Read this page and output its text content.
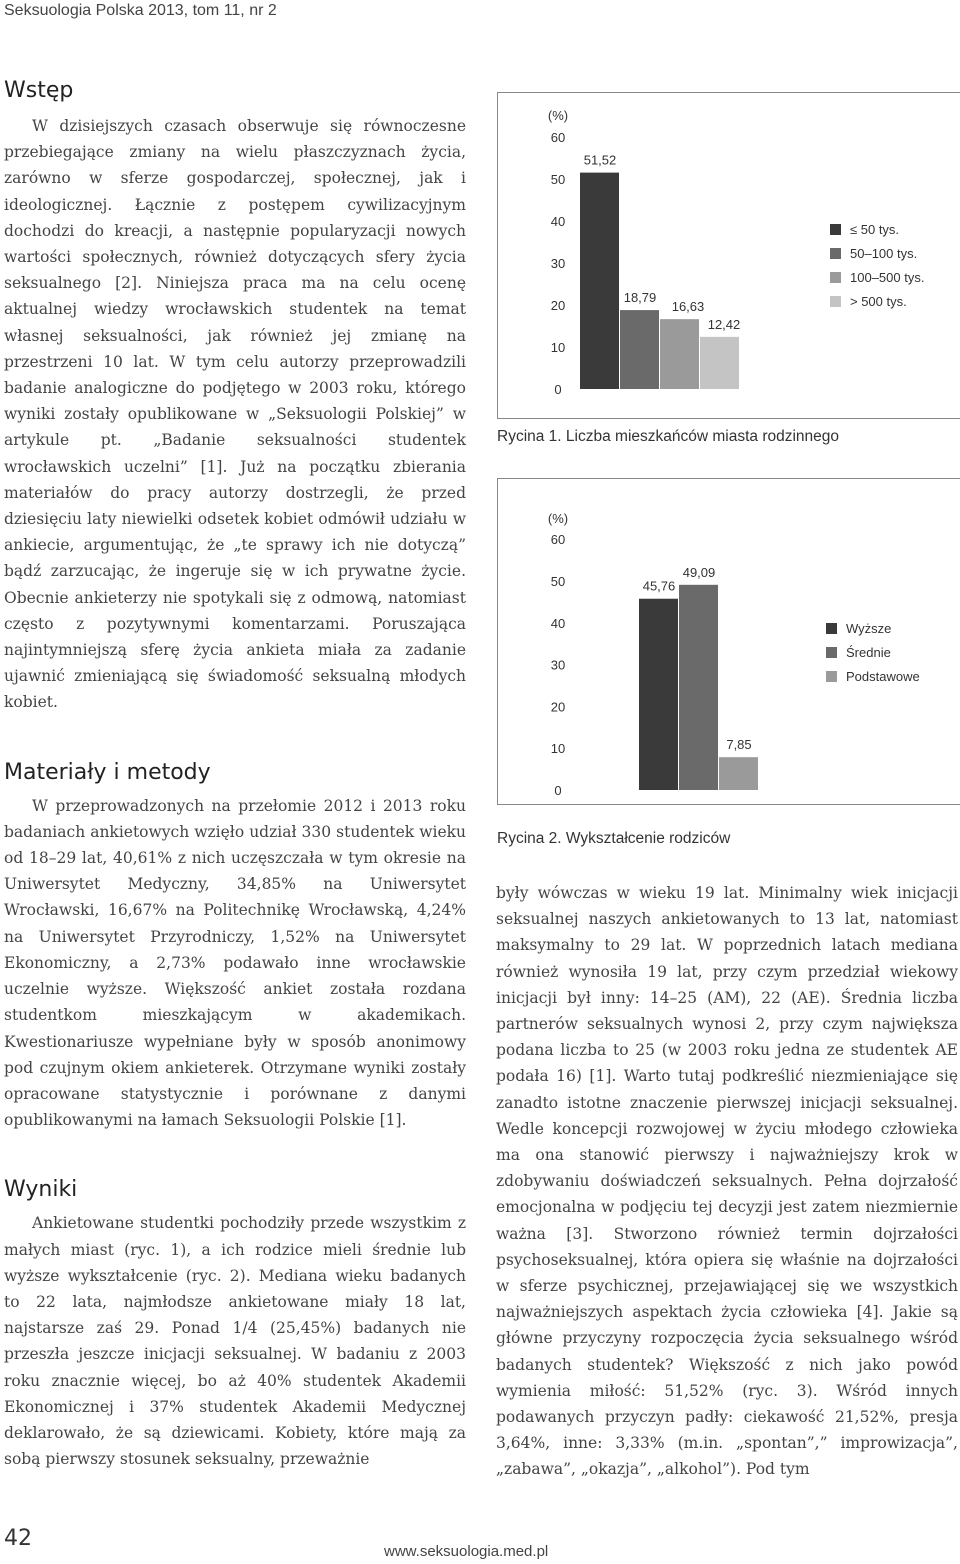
Seksuologia Polska 2013, tom 11, nr 2
Wstęp

W dzisiejszych czasach obserwuje się równoczesne przebiegające zmiany na wielu płaszczyznach życia, zarówno w sferze gospodarczej, społecznej, jak i ideologicznej. Łącznie z postępem cywilizacyjnym dochodzi do kreacji, a następnie popularyzacji nowych wartości społecznych, również dotyczących sfery życia seksualnego [2]. Niniejsza praca ma na celu ocenę aktualnej wiedzy wrocławskich studentek na temat własnej seksualności, jak również jej zmianę na przestrzeni 10 lat. W tym celu autorzy przeprowadzili badanie analogiczne do podjętego w 2003 roku, którego wyniki zostały opublikowane w „Seksuologii Polskiej” w artykule pt. „Badanie seksualności studentek wrocławskich uczelni” [1]. Już na początku zbierania materiałów do pracy autorzy dostrzegli, że przed dziesięciu laty niewielki odsetek kobiet odmówił udziału w ankiecie, argumentując, że „te sprawy ich nie dotyczą” bądź zarzucając, że ingeruje się w ich prywatne życie. Obecnie ankieterzy nie spotykali się z odmową, natomiast często z pozytywnymi komentarzami. Poruszająca najintymniejszą sferę życia ankieta miała za zadanie ujawnić zmieniającą się świadomość seksualną młodych kobiet.

Materiały i metody

W przeprowadzonych na przełomie 2012 i 2013 roku badaniach ankietowych wzięło udział 330 studentek wieku od 18–29 lat, 40,61% z nich uczęszczała w tym okresie na Uniwersytet Medyczny, 34,85% na Uniwersytet Wrocławski, 16,67% na Politechnikę Wrocławską, 4,24% na Uniwersytet Przyrodniczy, 1,52% na Uniwersytet Ekonomiczny, a 2,73% podawało inne wrocławskie uczelnie wyższe. Większość ankiet została rozdana studentkom mieszkającym w akademikach. Kwestionariusze wypełniane były w sposób anonimowy pod czujnym okiem ankieterek. Otrzymane wyniki zostały opracowane statystycznie i porównane z danymi opublikowanymi na łamach Seksuologii Polskie [1].

Wyniki

Ankietowane studentki pochodziły przede wszystkim z małych miast (ryc. 1), a ich rodzice mieli średnie lub wyższe wykształcenie (ryc. 2). Mediana wieku badanych to 22 lata, najmłodsze ankietowane miały 18 lat, najstarsze zaś 29. Ponad 1/4 (25,45%) badanych nie przeszła jeszcze inicjacji seksualnej. W badaniu z 2003 roku znacznie więcej, bo aż 40% studentek Akademii Ekonomicznej i 37% studentek Akademii Medycznej deklarowało, że są dziewicami. Kobiety, które mają za sobą pierwszy stosunek seksualny, przeważnie

(%)
0
10
20
30
40
50
60
51,52
18,79
16,63
12,42
≤ 50 tys.
50–100 tys.
100–500 tys.
> 500 tys.
Rycina 1. Liczba mieszkańców miasta rodzinnego
(%)
0
10
20
30
40
50
60
45,76
49,09
7,85
Wyższe
Średnie
Podstawowe
Rycina 2. Wykształcenie rodziców

były wówczas w wieku 19 lat. Minimalny wiek inicjacji seksualnej naszych ankietowanych to 13 lat, natomiast maksymalny to 29 lat. W poprzednich latach mediana również wynosiła 19 lat, przy czym przedział wiekowy inicjacji był inny: 14–25 (AM), 22 (AE). Średnia liczba partnerów seksualnych wynosi 2, przy czym największa podana liczba to 25 (w 2003 roku jedna ze studentek AE podała 16) [1]. Warto tutaj podkreślić niezmieniające się zanadto istotne znaczenie pierwszej inicjacji seksualnej. Wedle koncepcji rozwojowej w życiu młodego człowieka ma ona stanowić pierwszy i najważniejszy krok w zdobywaniu doświadczeń seksualnych. Pełna dojrzałość emocjonalna w podjęciu tej decyzji jest zatem niezmiernie ważna [3]. Stworzono również termin dojrzałości psychoseksualnej, która opiera się właśnie na dojrzałości w sferze psychicznej, przejawiającej się we wszystkich najważniejszych aspektach życia człowieka [4]. Jakie są główne przyczyny rozpoczęcia życia seksualnego wśród badanych studentek? Większość z nich jako powód wymienia miłość: 51,52% (ryc. 3). Wśród innych podawanych przyczyn padły: ciekawość 21,52%, presja 3,64%, inne: 3,33% (m.in. „spontan”,” improwizacja”, „zabawa”, „okazja”, „alkohol”). Pod tym

42
www.seksuologia.med.pl
